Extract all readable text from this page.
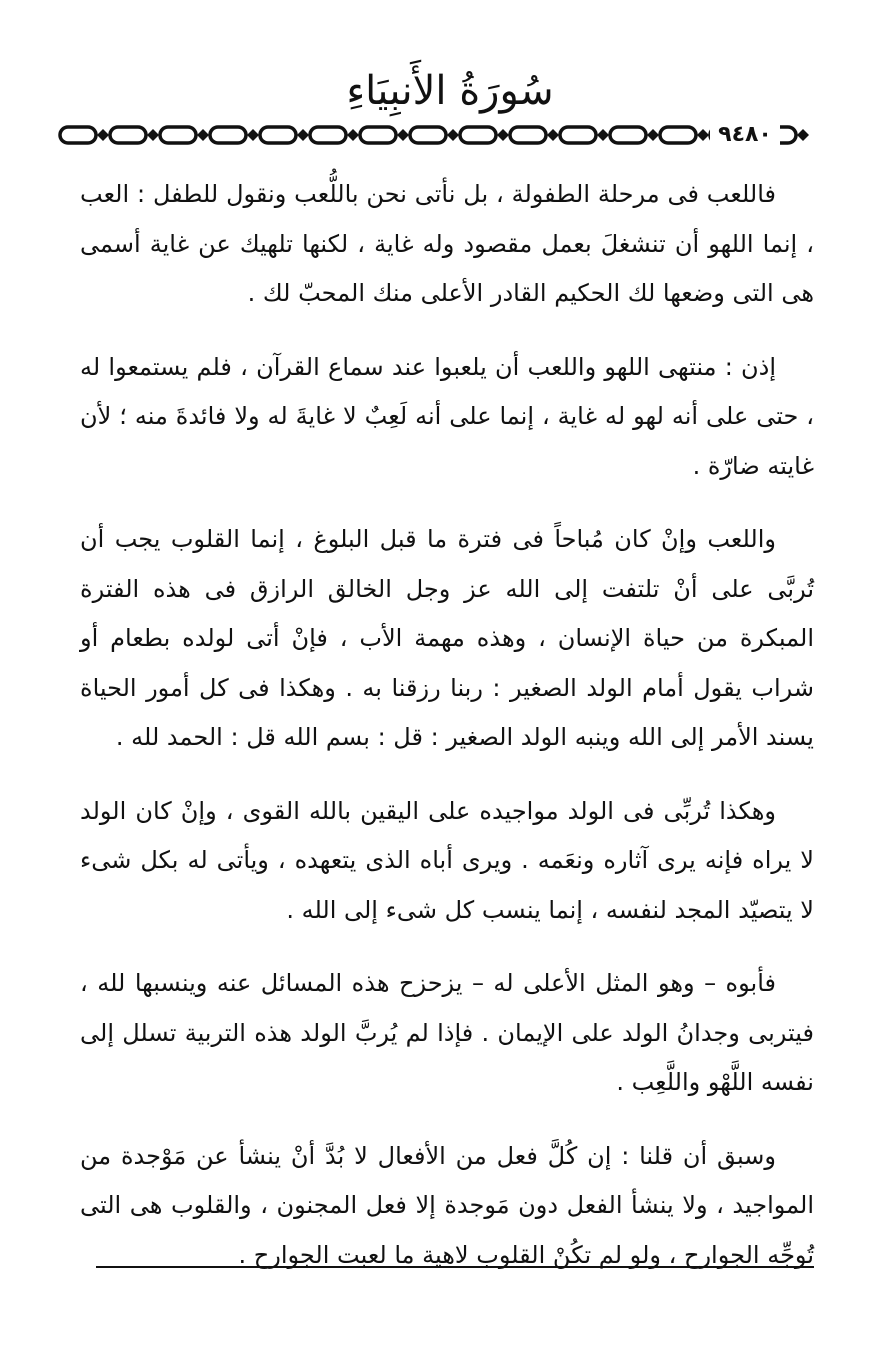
سُورَةُ الأَنبِيَاءِ
٩٤٨٠

فاللعب فى مرحلة الطفولة ، بل نأتى نحن باللُّعب ونقول للطفل : العب ، إنما اللهو أن تنشغلَ بعمل مقصود وله غاية ، لكنها تلهيك عن غاية أسمى هى التى وضعها لك الحكيم القادر الأعلى منك المحبّ لك .

إذن : منتهى اللهو واللعب أن يلعبوا عند سماع القرآن ، فلم يستمعوا له ، حتى على أنه لهو له غاية ، إنما على أنه لَعِبٌ لا غايةَ له ولا فائدةَ منه ؛ لأن غايته ضارّة .

واللعب وإنْ كان مُباحاً فى فترة ما قبل البلوغ ، إنما القلوب يجب أن تُربَّى على أنْ تلتفت إلى الله عز وجل الخالق الرازق فى هذه الفترة المبكرة من حياة الإنسان ، وهذه مهمة الأب ، فإنْ أتى لولده بطعام أو شراب يقول أمام الولد الصغير : ربنا رزقنا به . وهكذا فى كل أمور الحياة يسند الأمر إلى الله وينبه الولد الصغير : قل : بسم الله قل : الحمد لله .

وهكذا تُربِّى فى الولد مواجيده على اليقين بالله القوى ، وإنْ كان الولد لا يراه فإنه يرى آثاره ونعَمه . ويرى أباه الذى يتعهده ، ويأتى له بكل شىء لا يتصيّد المجد لنفسه ، إنما ينسب كل شىء إلى الله .

فأبوه – وهو المثل الأعلى له – يزحزح هذه المسائل عنه وينسبها لله ، فيتربى وجدانُ الولد على الإيمان . فإذا لم يُربَّ الولد هذه التربية تسلل إلى نفسه اللَّهْو واللَّعِب .

وسبق أن قلنا : إن كُلَّ فعل من الأفعال لا بُدَّ أنْ ينشأ عن مَوْجدة من المواجيد ، ولا ينشأ الفعل دون مَوجدة إلا فعل المجنون ، والقلوب هى التى تُوجِّه الجوارح ، ولو لم تكُنْ القلوب لاهية ما لعبت الجوارح .
